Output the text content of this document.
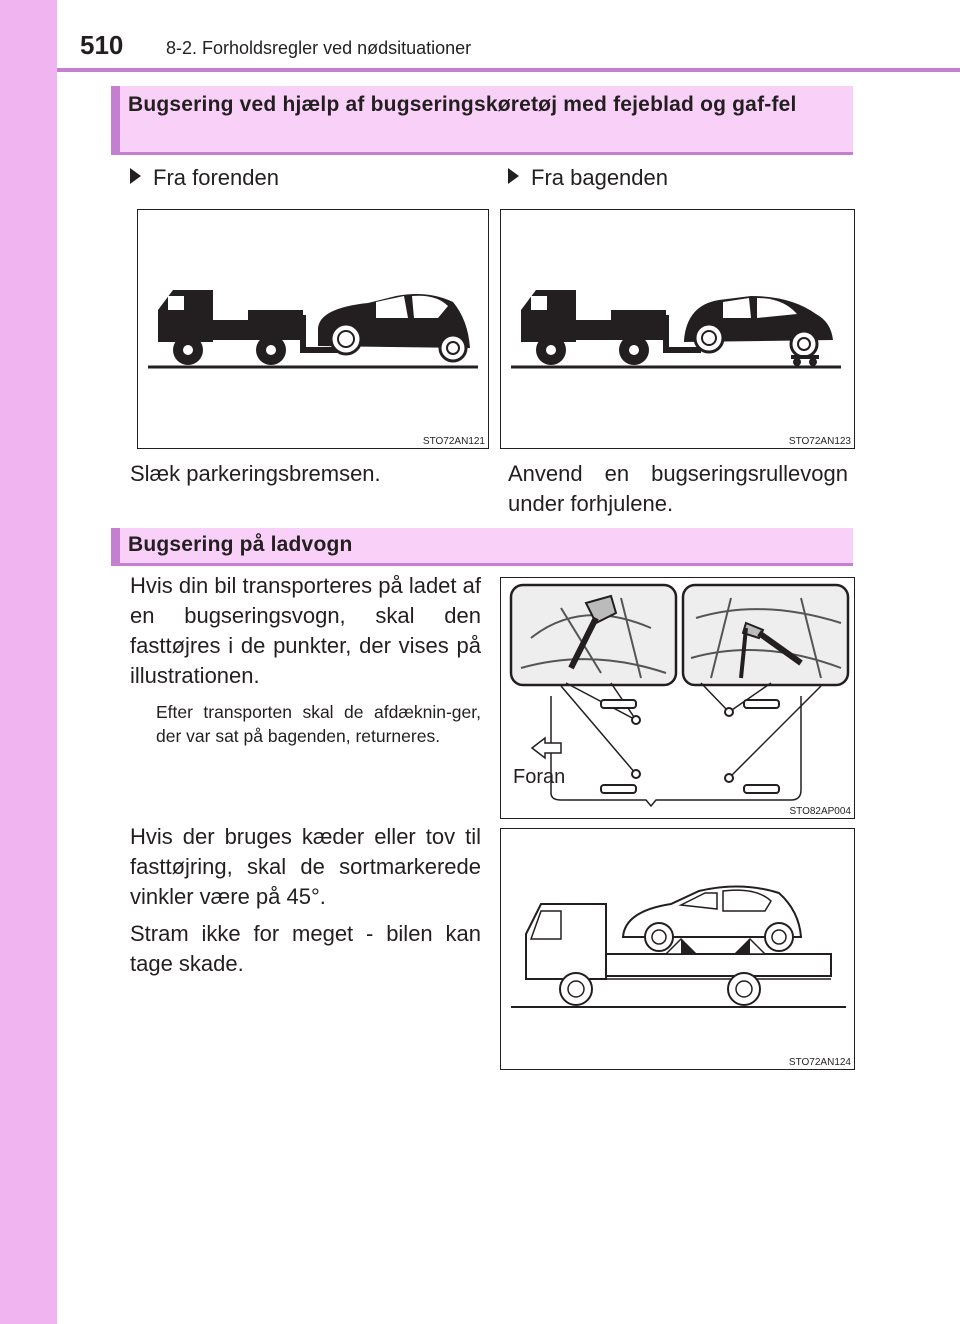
510 8-2. Forholdsregler ved nødsituationer
Bugsering ved hjælp af bugseringskøretøj med fejeblad og gaf-fel
Fra forenden	Fra bagenden
STO72AN121	STO72AN123
Slæk parkeringsbremsen.	Anvend en bugseringsrullevogn under forhjulene.
Bugsering på ladvogn
Hvis din bil transporteres på ladet af en bugseringsvogn, skal den fasttøjres i de punkter, der vises på illustrationen.
Efter transporten skal de afdæknin-ger, der var sat på bagenden, returneres.
Hvis der bruges kæder eller tov til fasttøjring, skal de sortmarkerede vinkler være på 45°.
Stram ikke for meget - bilen kan tage skade.
Foran
STO82AP004
STO72AN124
